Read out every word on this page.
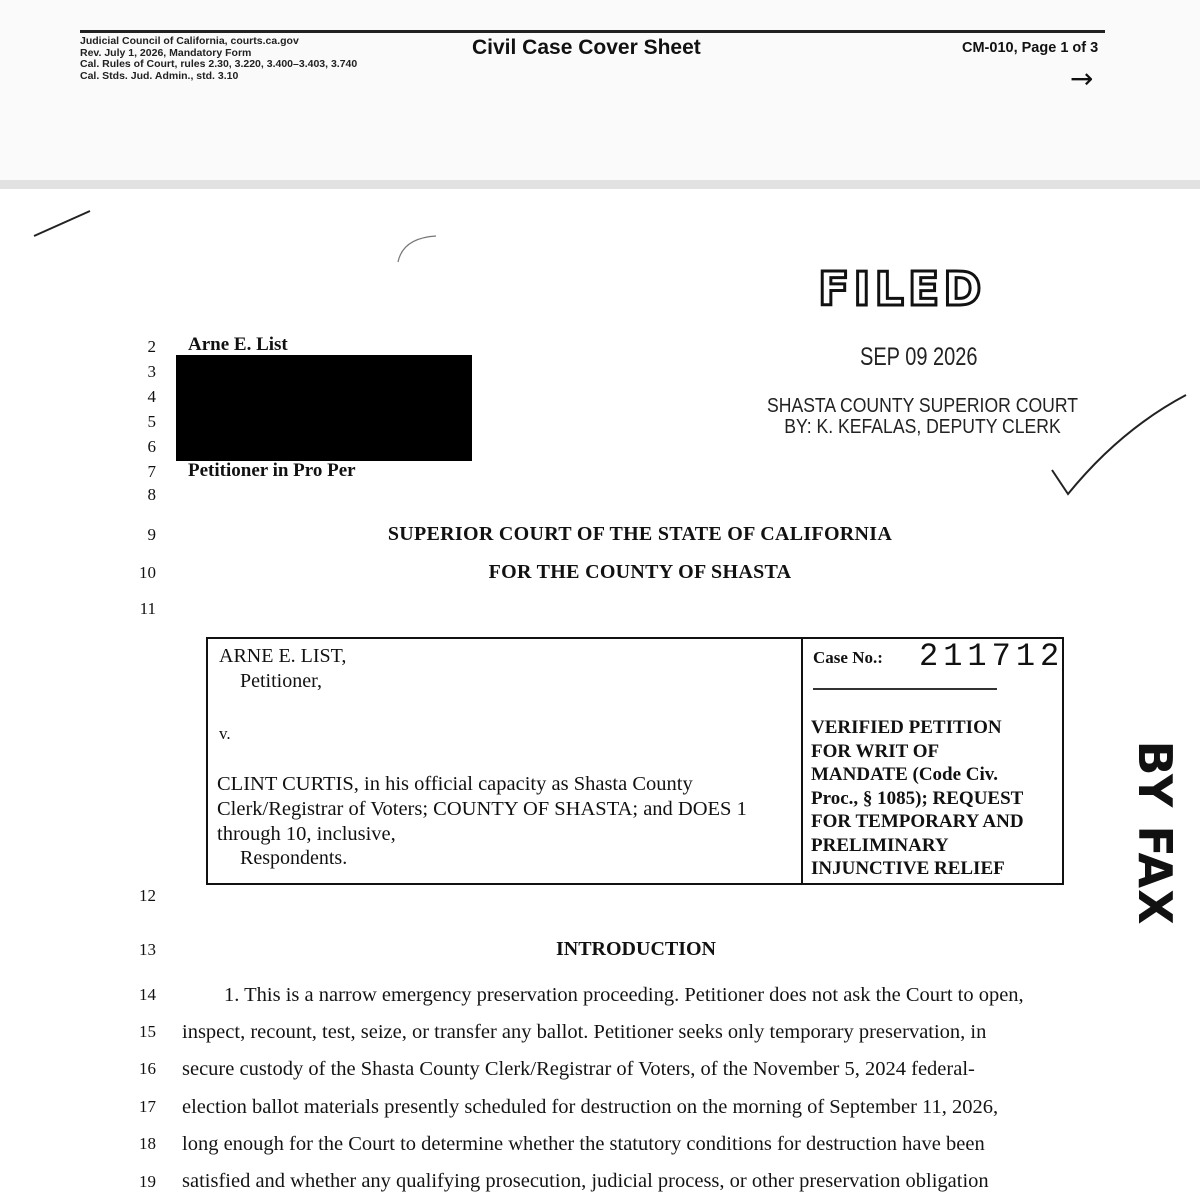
Judicial Council of California, courts.ca.gov
Rev. July 1, 2026, Mandatory Form
Cal. Rules of Court, rules 2.30, 3.220, 3.400–3.403, 3.740
Cal. Stds. Jud. Admin., std. 3.10
Civil Case Cover Sheet	CM-010, Page 1 of 3
→
FILED
SEP 09 2026
SHASTA COUNTY SUPERIOR COURT
BY: K. KEFALAS, DEPUTY CLERK
2
3
4
5
6
7
8
9
10
11
12
13
14
15
16
17
18
19
Arne E. List
Petitioner in Pro Per
SUPERIOR COURT OF THE STATE OF CALIFORNIA
FOR THE COUNTY OF SHASTA
ARNE E. LIST,
Petitioner,
v.
CLINT CURTIS, in his official capacity as Shasta County Clerk/Registrar of Voters; COUNTY OF SHASTA; and DOES 1 through 10, inclusive,
Respondents.
Case No.: 211712
VERIFIED PETITION
FOR WRIT OF
MANDATE (Code Civ.
Proc., § 1085); REQUEST
FOR TEMPORARY AND
PRELIMINARY
INJUNCTIVE RELIEF	BY FAX
INTRODUCTION
1. This is a narrow emergency preservation proceeding. Petitioner does not ask the Court to open,
inspect, recount, test, seize, or transfer any ballot. Petitioner seeks only temporary preservation, in
secure custody of the Shasta County Clerk/Registrar of Voters, of the November 5, 2024 federal-
election ballot materials presently scheduled for destruction on the morning of September 11, 2026,
long enough for the Court to determine whether the statutory conditions for destruction have been
satisfied and whether any qualifying prosecution, judicial process, or other preservation obligation
